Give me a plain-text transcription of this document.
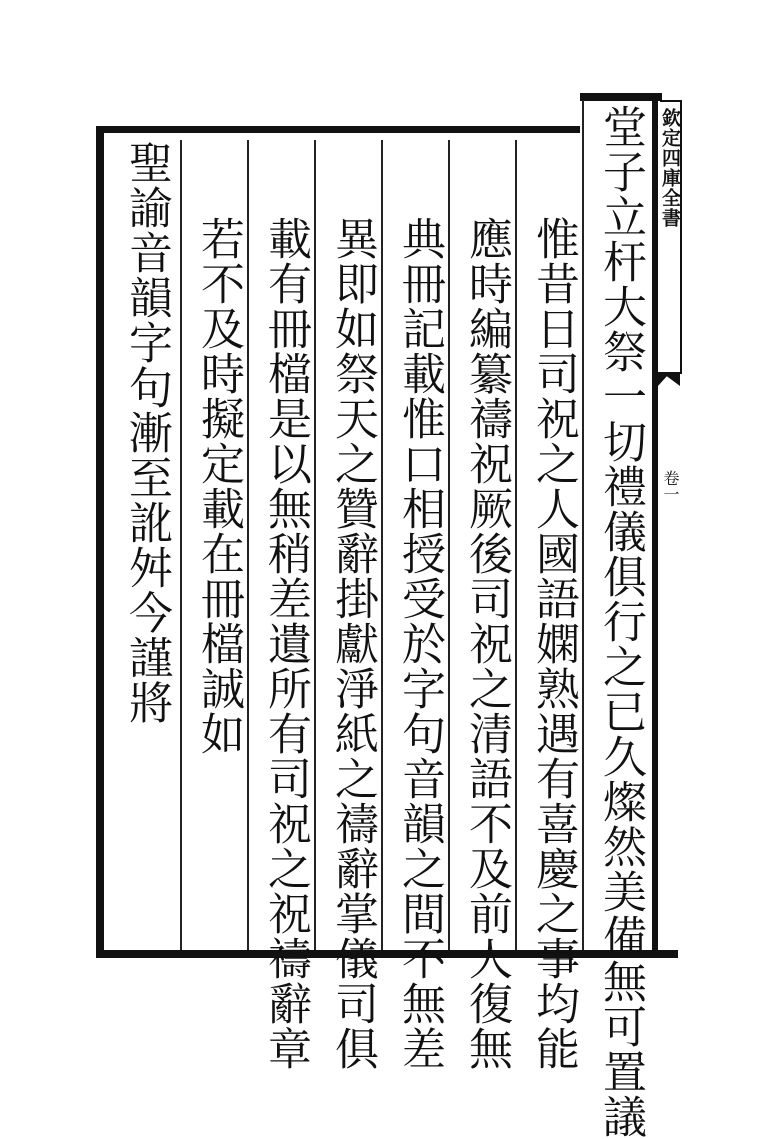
欽定四庫全書
卷一
堂子立杆大祭一切禮儀俱行之已久燦然美備無可置議
惟昔日司祝之人國語嫻熟遇有喜慶之事均能
應時編纂禱祝厥後司祝之清語不及前人復無
典冊記載惟口相授受於字句音韻之間不無差
異即如祭天之贊辭掛獻淨紙之禱辭掌儀司俱
載有冊檔是以無稍差遺所有司祝之祝禱辭章
若不及時擬定載在冊檔誠如
聖諭音韻字句漸至訛舛今謹將
